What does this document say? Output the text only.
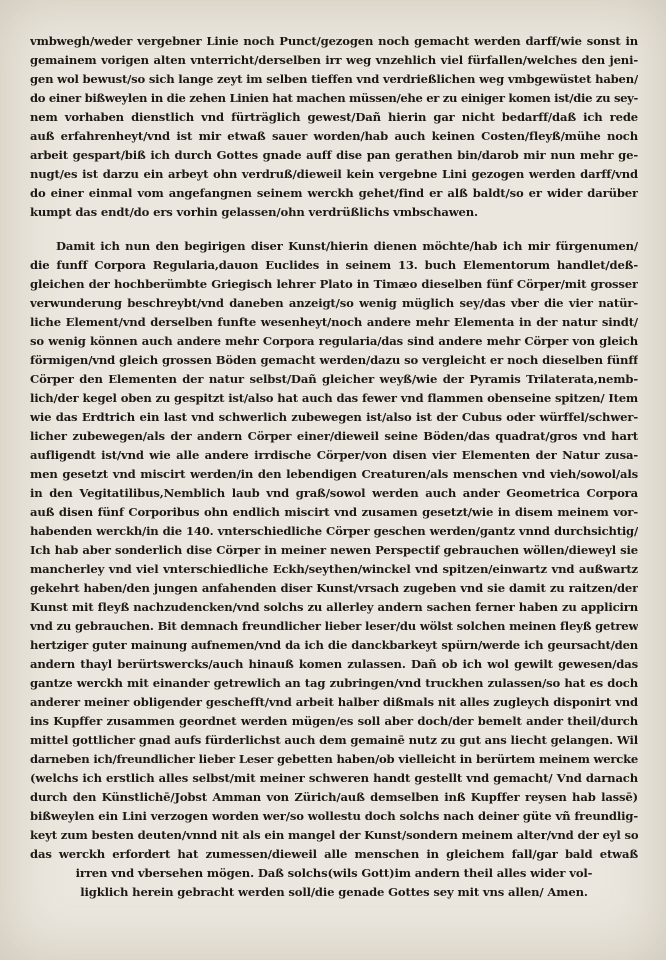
vmbwegh/weder vergebner Linie noch Punct/gezogen noch gemacht werden darff/wie sonst in
gemainem vorigen alten vnterricht/derselben irr weg vnzehlich viel fürfallen/welches den jeni-
gen wol bewust/so sich lange zeyt im selben tieffen vnd verdrießlichen weg vmbgewüstet haben/
do einer bißweylen in die zehen Linien hat machen müssen/ehe er zu einiger komen ist/die zu sey-
nem vorhaben dienstlich vnd fürträglich gewest/Dañ hierin gar nicht bedarff/daß ich rede
auß erfahrenheyt/vnd ist mir etwaß sauer worden/hab auch keinen Costen/fleyß/mühe noch
arbeit gespart/biß ich durch Gottes gnade auff dise pan gerathen bin/darob mir nun mehr ge-
nugt/es ist darzu ein arbeyt ohn verdruß/dieweil kein vergebne Lini gezogen werden darff/vnd
do einer einmal vom angefangnen seinem werckh gehet/find er alß baldt/so er wider darüber
kumpt das endt/do ers vorhin gelassen/ohn verdrüßlichs vmbschawen.
Damit ich nun den begirigen diser Kunst/hierin dienen möchte/hab ich mir fürgenumen/
die funff Corpora Regularia,dauon Euclides in seinem 13. buch Elementorum handlet/deß-
gleichen der hochberümbte Griegisch lehrer Plato in Timæo dieselben fünf Cörper/mit grosser
verwunderung beschreybt/vnd daneben anzeigt/so wenig müglich sey/das vber die vier natür-
liche Element/vnd derselben funfte wesenheyt/noch andere mehr Elementa in der natur sindt/
so wenig können auch andere mehr Corpora regularia/das sind andere mehr Cörper von gleich
förmigen/vnd gleich grossen Böden gemacht werden/dazu so vergleicht er noch dieselben fünff
Cörper den Elementen der natur selbst/Dañ gleicher weyß/wie der Pyramis Trilaterata,nemb-
lich/der kegel oben zu gespitzt ist/also hat auch das fewer vnd flammen obenseine spitzen/ Item
wie das Erdtrich ein last vnd schwerlich zubewegen ist/also ist der Cubus oder würffel/schwer-
licher zubewegen/als der andern Cörper einer/dieweil seine Böden/das quadrat/gros vnd hart
aufligendt ist/vnd wie alle andere irrdische Cörper/von disen vier Elementen der Natur zusa-
men gesetzt vnd miscirt werden/in den lebendigen Creaturen/als menschen vnd vieh/sowol/als
in den Vegitatilibus,Nemblich laub vnd graß/sowol werden auch ander Geometrica Corpora
auß disen fünf Corporibus ohn endlich miscirt vnd zusamen gesetzt/wie in disem meinem vor-
habenden werckh/in die 140. vnterschiedliche Cörper geschen werden/gantz vnnd durchsichtig/
Ich hab aber sonderlich dise Cörper in meiner newen Perspectif gebrauchen wöllen/dieweyl sie
mancherley vnd viel vnterschiedliche Eckh/seythen/winckel vnd spitzen/einwartz vnd außwartz
gekehrt haben/den jungen anfahenden diser Kunst/vrsach zugeben vnd sie damit zu raitzen/der
Kunst mit fleyß nachzudencken/vnd solchs zu allerley andern sachen ferner haben zu applicirn
vnd zu gebrauchen. Bit demnach freundlicher lieber leser/du wölst solchen meinen fleyß getrew
hertziger guter mainung aufnemen/vnd da ich die danckbarkeyt spürn/werde ich geursacht/den
andern thayl berürtswercks/auch hinauß komen zulassen. Dañ ob ich wol gewilt gewesen/das
gantze werckh mit einander getrewlich an tag zubringen/vnd truckhen zulassen/so hat es doch
anderer meiner obligender geschefft/vnd arbeit halber dißmals nit alles zugleych disponirt vnd
ins Kupffer zusammen geordnet werden mügen/es soll aber doch/der bemelt ander theil/durch
mittel gottlicher gnad aufs fürderlichst auch dem gemainē nutz zu gut ans liecht gelangen. Wil
darneben ich/freundlicher lieber Leser gebetten haben/ob vielleicht in berürtem meinem wercke
(welchs ich erstlich alles selbst/mit meiner schweren handt gestellt vnd gemacht/ Vnd darnach
durch den Künstlichē/Jobst Amman von Zürich/auß demselben inß Kupffer reysen hab lassē)
bißweylen ein Lini verzogen worden wer/so wollestu doch solchs nach deiner güte vñ freundlig-
keyt zum besten deuten/vnnd nit als ein mangel der Kunst/sondern meinem alter/vnd der eyl so
das werckh erfordert hat zumessen/dieweil alle menschen in gleichem fall/gar bald etwaß
irren vnd vbersehen mögen. Daß solchs(wils Gott)im andern theil alles wider vol-
ligklich herein gebracht werden soll/die genade Gottes sey mit vns allen/ Amen.
